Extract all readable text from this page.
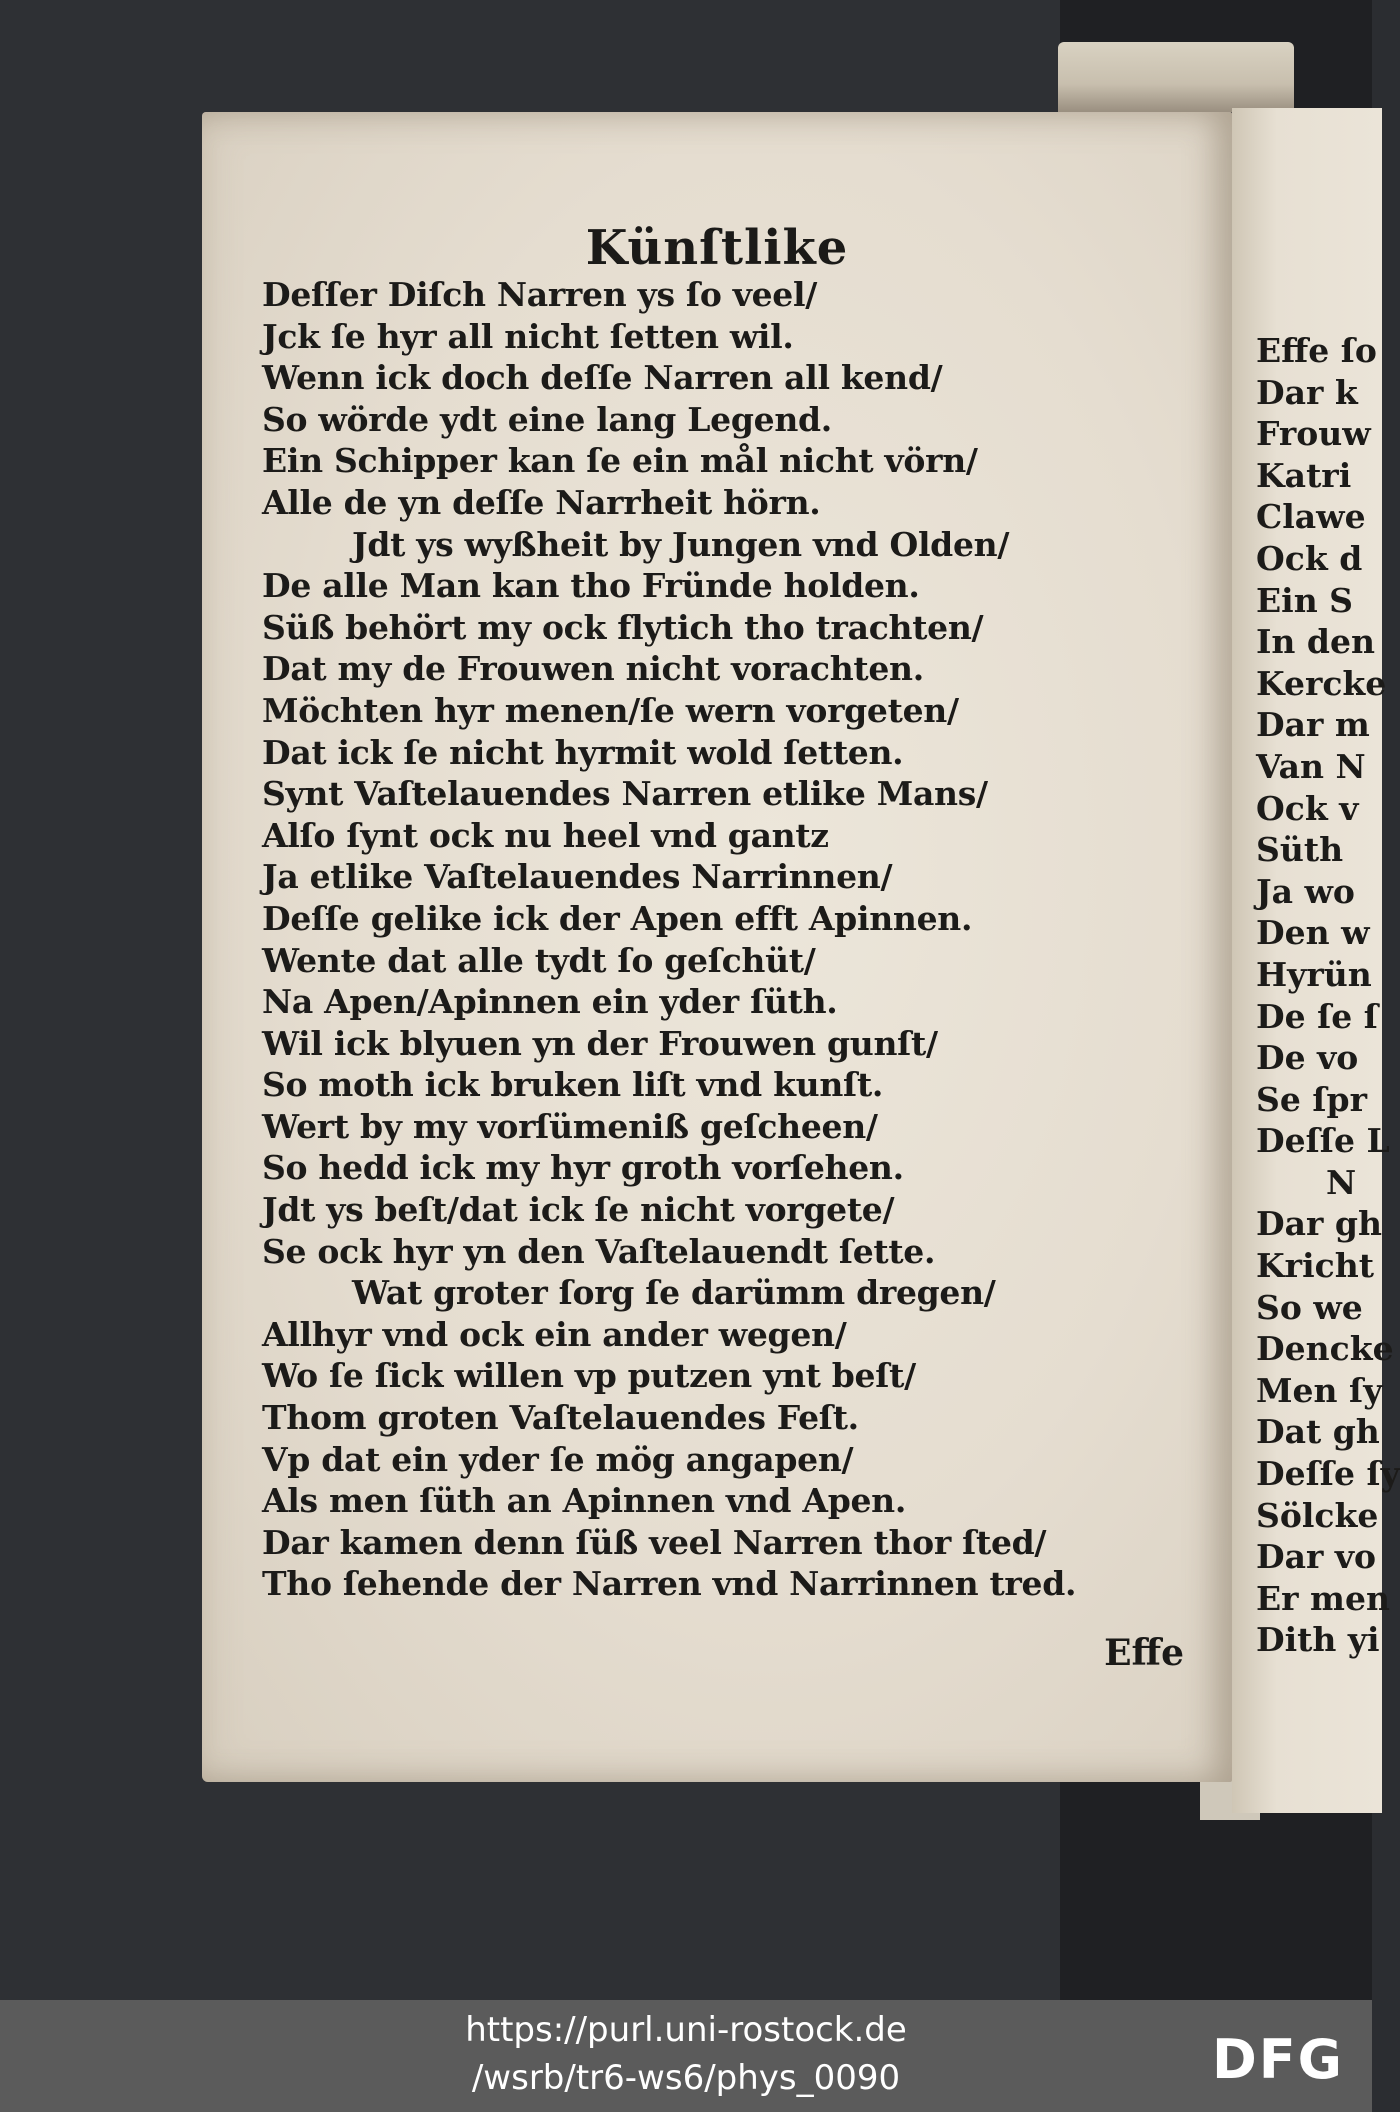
Effe ſo
Dar k
Frouw
Katri
Clawe
Ock d
Ein S
In den
Kercke
Dar m
Van N
Ock v
Süth
Ja wo
Den w
Hyrün
De ſe ſ
De vo
Se ſpr
Deſſe L
N
Dar gh
Kricht
So we
Dencke
Men ſy
Dat gh
Deſſe ſy
Sölcke
Dar vo
Er men
Dith yi
Künſtlike
Deſſer Diſch Narren ys ſo veel/
Jck ſe hyr all nicht ſetten wil.
Wenn ick doch deſſe Narren all kend/
So wörde ydt eine lang Legend.
Ein Schipper kan ſe ein mål nicht vörn/
Alle de yn deſſe Narrheit hörn.
Jdt ys wyßheit by Jungen vnd Olden/
De alle Man kan tho Fründe holden.
Süß behört my ock flytich tho trachten/
Dat my de Frouwen nicht vorachten.
Möchten hyr menen/ſe wern vorgeten/
Dat ick ſe nicht hyrmit wold ſetten.
Synt Vaſtelauendes Narren etlike Mans/
Alſo ſynt ock nu heel vnd gantz
Ja etlike Vaſtelauendes Narrinnen/
Deſſe gelike ick der Apen efft Apinnen.
Wente dat alle tydt ſo geſchüt/
Na Apen/Apinnen ein yder ſüth.
Wil ick blyuen yn der Frouwen gunſt/
So moth ick bruken liſt vnd kunſt.
Wert by my vorſümeniß geſcheen/
So hedd ick my hyr groth vorſehen.
Jdt ys beſt/dat ick ſe nicht vorgete/
Se ock hyr yn den Vaſtelauendt ſette.
Wat groter ſorg ſe darümm dregen/
Allhyr vnd ock ein ander wegen/
Wo ſe ſick willen vp putzen ynt beſt/
Thom groten Vaſtelauendes Feſt.
Vp dat ein yder ſe mög angapen/
Als men ſüth an Apinnen vnd Apen.
Dar kamen denn ſüß veel Narren thor ſted/
Tho ſehende der Narren vnd Narrinnen tred.
Effe
https://purl.uni-rostock.de
/wsrb/tr6-ws6/phys_0090	DFG
